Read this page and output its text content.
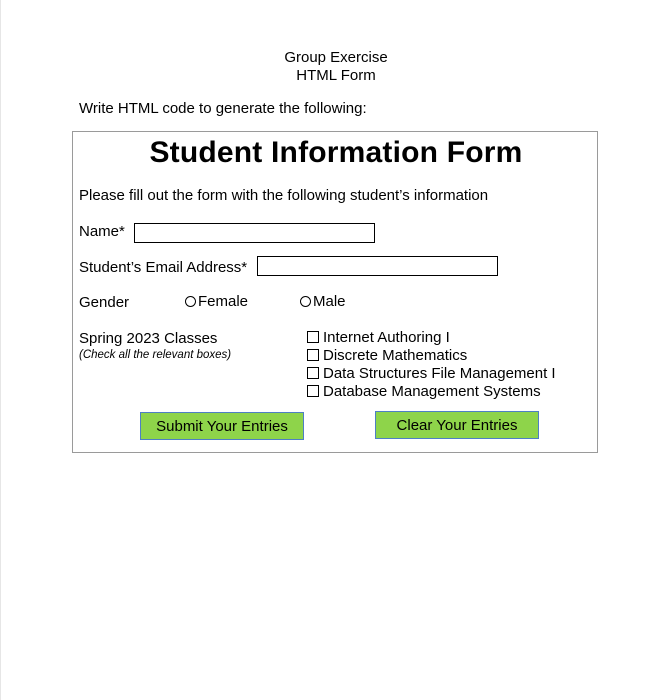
Group Exercise
HTML Form
Write HTML code to generate the following:
Student Information Form
Please fill out the form with the following student’s information
Name*
Student’s Email Address*
Gender	Female	Male
Spring 2023 Classes
(Check all the relevant boxes)
Internet Authoring I
Discrete Mathematics
Data Structures File Management I
Database Management Systems
Submit Your Entries	Clear Your Entries
